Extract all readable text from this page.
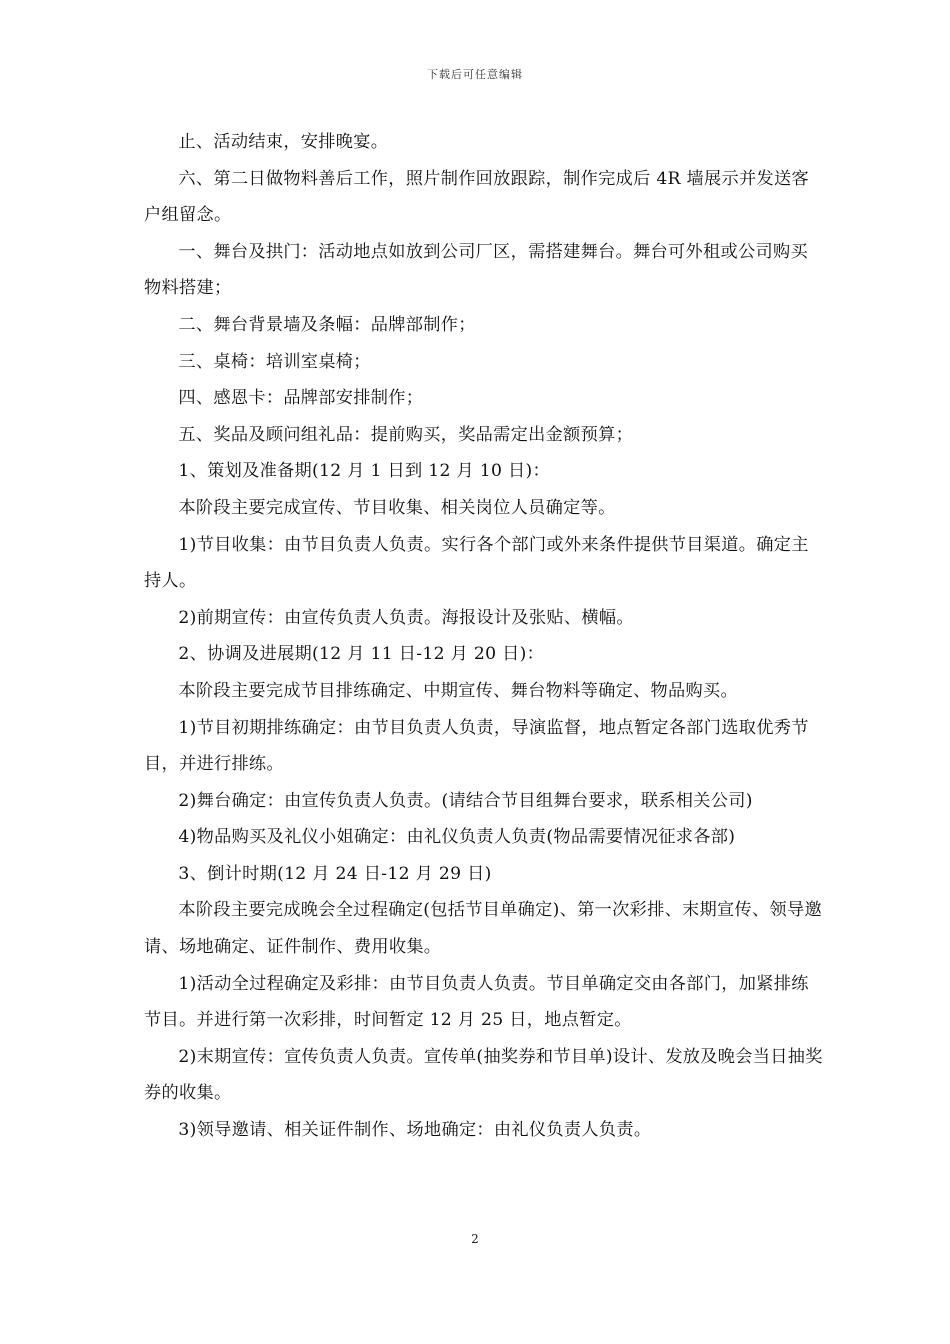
下载后可任意编辑

止、活动结束，安排晚宴。

六、第二日做物料善后工作，照片制作回放跟踪，制作完成后 4R 墙展示并发送客户组留念。

一、舞台及拱门：活动地点如放到公司厂区，需搭建舞台。舞台可外租或公司购买物料搭建；

二、舞台背景墙及条幅：品牌部制作；

三、桌椅：培训室桌椅；

四、感恩卡：品牌部安排制作；

五、奖品及顾问组礼品：提前购买，奖品需定出金额预算；

1、策划及准备期(12 月 1 日到 12 月 10 日)：

本阶段主要完成宣传、节目收集、相关岗位人员确定等。

1)节目收集：由节目负责人负责。实行各个部门或外来条件提供节目渠道。确定主持人。

2)前期宣传：由宣传负责人负责。海报设计及张贴、横幅。

2、协调及进展期(12 月 11 日-12 月 20 日)：

本阶段主要完成节目排练确定、中期宣传、舞台物料等确定、物品购买。

1)节目初期排练确定：由节目负责人负责，导演监督，地点暂定各部门选取优秀节目，并进行排练。

2)舞台确定：由宣传负责人负责。(请结合节目组舞台要求，联系相关公司)

4)物品购买及礼仪小姐确定：由礼仪负责人负责(物品需要情况征求各部)

3、倒计时期(12 月 24 日-12 月 29 日)

本阶段主要完成晚会全过程确定(包括节目单确定)、第一次彩排、末期宣传、领导邀请、场地确定、证件制作、费用收集。

1)活动全过程确定及彩排：由节目负责人负责。节目单确定交由各部门，加紧排练节目。并进行第一次彩排，时间暂定 12 月 25 日，地点暂定。

2)末期宣传：宣传负责人负责。宣传单(抽奖券和节目单)设计、发放及晚会当日抽奖券的收集。

3)领导邀请、相关证件制作、场地确定：由礼仪负责人负责。

2
